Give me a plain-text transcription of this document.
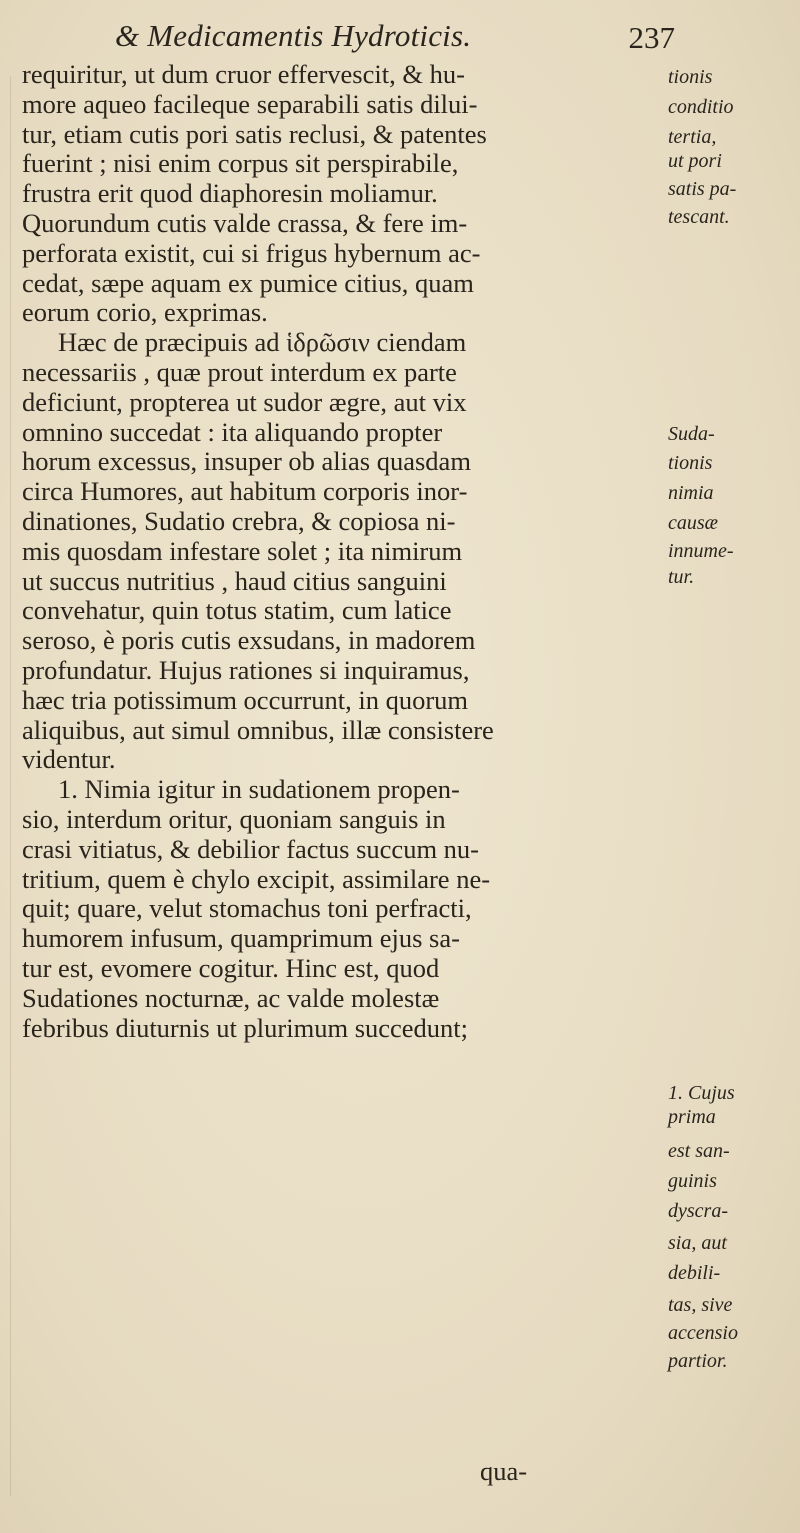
& Medicamentis Hydroticis.	237
requiritur, ut dum cruor effervescit, & hu-
more aqueo facileque separabili satis dilui-
tur, etiam cutis pori satis reclusi, & patentes
fuerint ; nisi enim corpus sit perspirabile,
frustra erit quod diaphoresin moliamur.
Quorundum cutis valde crassa, & fere im-
perforata existit, cui si frigus hybernum ac-
cedat, sæpe aquam ex pumice citius, quam
eorum corio, exprimas.
Hæc de præcipuis ad ἱδρῶσιν ciendam
necessariis , quæ prout interdum ex parte
deficiunt, propterea ut sudor ægre, aut vix
omnino succedat : ita aliquando propter
horum excessus, insuper ob alias quasdam
circa Humores, aut habitum corporis inor-
dinationes, Sudatio crebra, & copiosa ni-
mis quosdam infestare solet ; ita nimirum
ut succus nutritius , haud citius sanguini
convehatur, quin totus statim, cum latice
seroso, è poris cutis exsudans, in madorem
profundatur. Hujus rationes si inquiramus,
hæc tria potissimum occurrunt, in quorum
aliquibus, aut simul omnibus, illæ consistere
videntur.
1. Nimia igitur in sudationem propen-
sio, interdum oritur, quoniam sanguis in
crasi vitiatus, & debilior factus succum nu-
tritium, quem è chylo excipit, assimilare ne-
quit; quare, velut stomachus toni perfracti,
humorem infusum, quamprimum ejus sa-
tur est, evomere cogitur. Hinc est, quod
Sudationes nocturnæ, ac valde molestæ
febribus diuturnis ut plurimum succedunt;
tionis
conditio
tertia,
ut pori
satis pa-
tescant.
Suda-
tionis
nimia
causæ
innume-
tur.
1. Cujus
prima
est san-
guinis
dyscra-
sia, aut
debili-
tas, sive
accensio
partior.
qua-
